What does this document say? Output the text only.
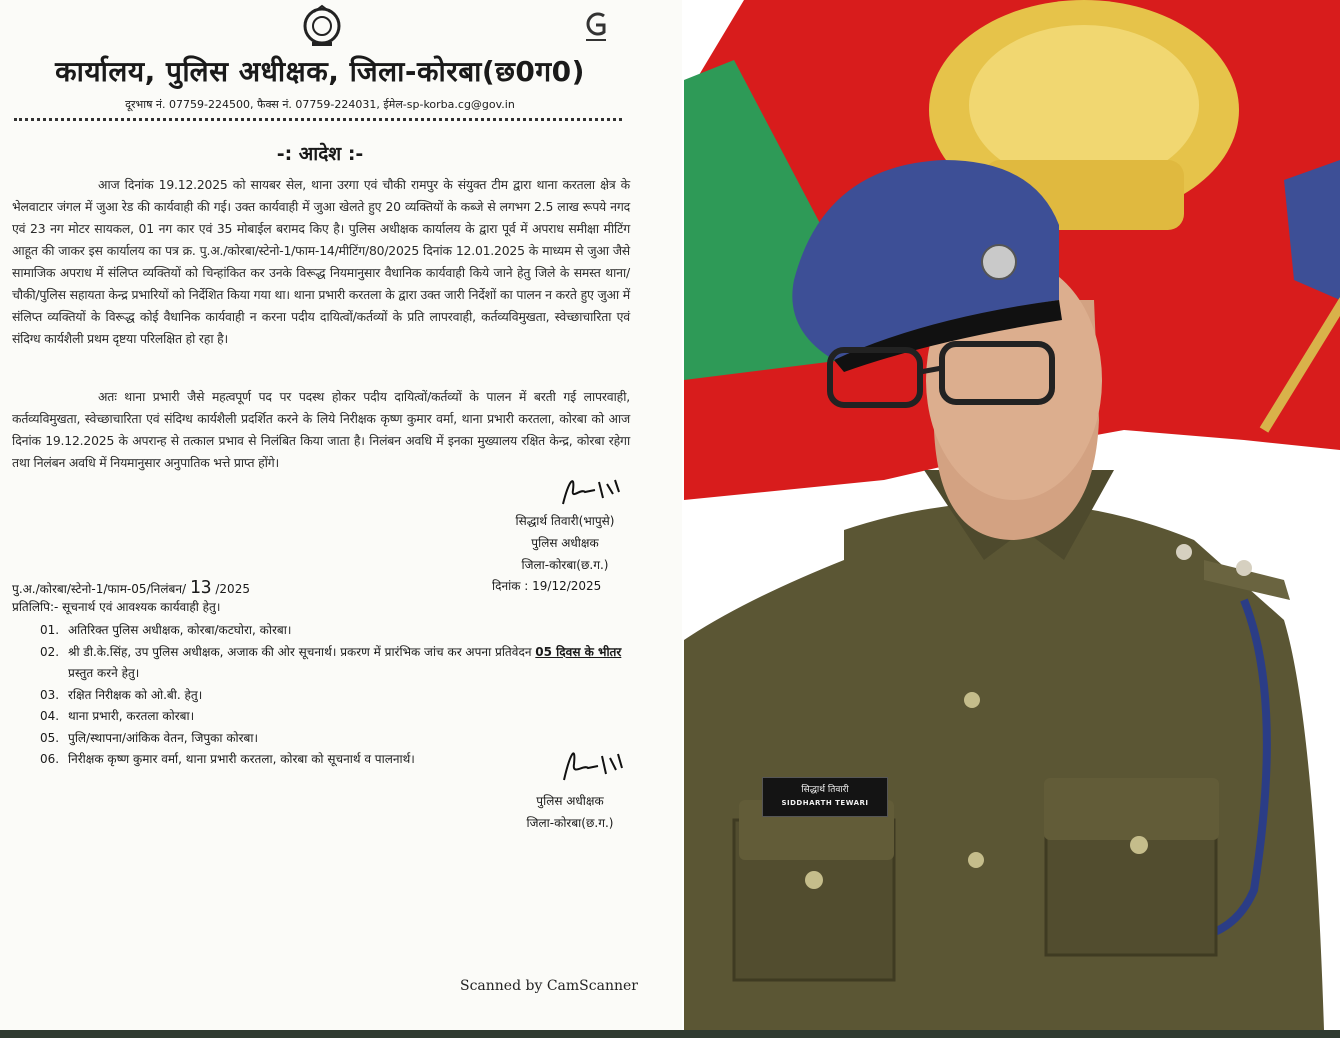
कार्यालय, पुलिस अधीक्षक, जिला-कोरबा(छ0ग0)
दूरभाष नं. 07759-224500, फैक्स नं. 07759-224031, ईमेल-sp-korba.cg@gov.in
-: आदेश :-
आज दिनांक 19.12.2025 को सायबर सेल, थाना उरगा एवं चौकी रामपुर के संयुक्त टीम द्वारा थाना करतला क्षेत्र के भेलवाटार जंगल में जुआ रेड की कार्यवाही की गई। उक्त कार्यवाही में जुआ खेलते हुए 20 व्यक्तियों के कब्जे से लगभग 2.5 लाख रूपये नगद एवं 23 नग मोटर सायकल, 01 नग कार एवं 35 मोबाईल बरामद किए है। पुलिस अधीक्षक कार्यालय के द्वारा पूर्व में अपराध समीक्षा मीटिंग आहूत की जाकर इस कार्यालय का पत्र क्र. पु.अ./कोरबा/स्टेनो-1/फाम-14/मीटिंग/80/2025 दिनांक 12.01.2025 के माध्यम से जुआ जैसे सामाजिक अपराध में संलिप्त व्यक्तियों को चिन्हांकित कर उनके विरूद्ध नियमानुसार वैधानिक कार्यवाही किये जाने हेतु जिले के समस्त थाना/चौकी/पुलिस सहायता केन्द्र प्रभारियों को निर्देशित किया गया था। थाना प्रभारी करतला के द्वारा उक्त जारी निर्देशों का पालन न करते हुए जुआ में संलिप्त व्यक्तियों के विरूद्ध कोई वैधानिक कार्यवाही न करना पदीय दायित्वों/कर्तव्यों के प्रति लापरवाही, कर्तव्यविमुखता, स्वेच्छाचारिता एवं संदिग्ध कार्यशैली प्रथम दृष्टया परिलक्षित हो रहा है।
अतः थाना प्रभारी जैसे महत्वपूर्ण पद पर पदस्थ होकर पदीय दायित्वों/कर्तव्यों के पालन में बरती गई लापरवाही, कर्तव्यविमुखता, स्वेच्छाचारिता एवं संदिग्ध कार्यशैली प्रदर्शित करने के लिये निरीक्षक कृष्ण कुमार वर्मा, थाना प्रभारी करतला, कोरबा को आज दिनांक 19.12.2025 के अपरान्ह से तत्काल प्रभाव से निलंबित किया जाता है। निलंबन अवधि में इनका मुख्यालय रक्षित केन्द्र, कोरबा रहेगा तथा निलंबन अवधि में नियमानुसार अनुपातिक भत्ते प्राप्त होंगे।
सिद्धार्थ तिवारी(भापुसे)
पुलिस अधीक्षक
जिला-कोरबा(छ.ग.)
पु.अ./कोरबा/स्टेनो-1/फाम-05/निलंबन/ 13 /2025	दिनांक : 19/12/2025
प्रतिलिपि:- सूचनार्थ एवं आवश्यक कार्यवाही हेतु।
01. अतिरिक्त पुलिस अधीक्षक, कोरबा/कटघोरा, कोरबा।
02. श्री डी.के.सिंह, उप पुलिस अधीक्षक, अजाक की ओर सूचनार्थ। प्रकरण में प्रारंभिक जांच कर अपना प्रतिवेदन 05 दिवस के भीतर प्रस्तुत करने हेतु।
03. रक्षित निरीक्षक को ओ.बी. हेतु।
04. थाना प्रभारी, करतला कोरबा।
05. पुलि/स्थापना/आंकिक वेतन, जिपुका कोरबा।
06. निरीक्षक कृष्ण कुमार वर्मा, थाना प्रभारी करतला, कोरबा को सूचनार्थ व पालनार्थ।
पुलिस अधीक्षक
जिला-कोरबा(छ.ग.)
Scanned by CamScanner
सिद्धार्थ तिवारी
SIDDHARTH TEWARI
